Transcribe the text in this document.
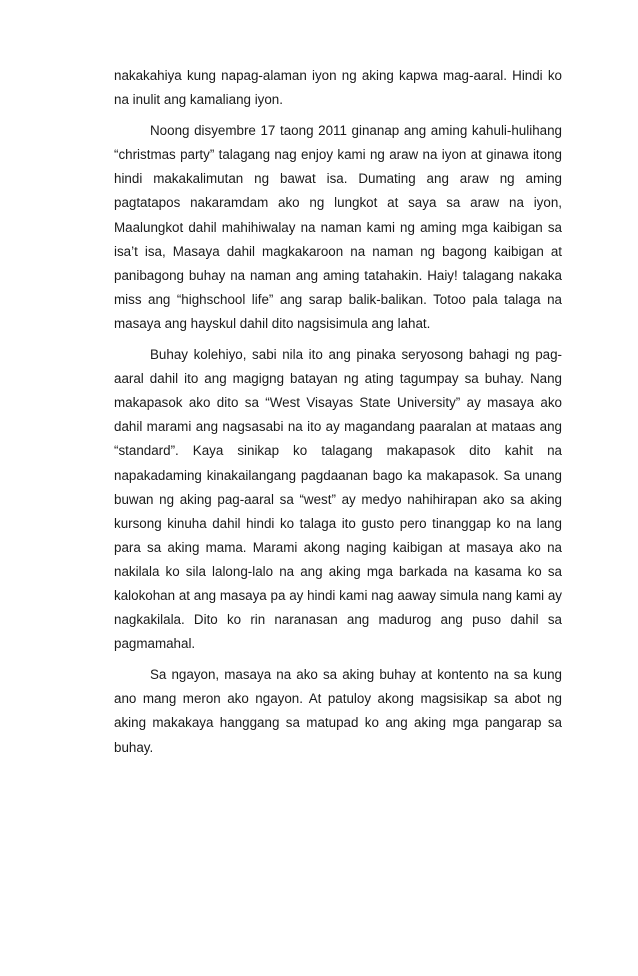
nakakahiya kung napag-alaman iyon ng aking kapwa mag-aaral. Hindi ko na inulit ang kamaliang iyon.

Noong disyembre 17 taong 2011 ginanap ang aming kahuli-hulihang “christmas party” talagang nag enjoy kami ng araw na iyon at ginawa itong hindi makakalimutan ng bawat isa. Dumating ang araw ng aming pagtatapos nakaramdam ako ng lungkot at saya sa araw na iyon, Maalungkot dahil mahihiwalay na naman kami ng aming mga kaibigan sa isa’t isa, Masaya dahil magkakaroon na naman ng bagong kaibigan at panibagong buhay na naman ang aming tatahakin. Haiy! talagang nakaka miss ang “highschool life” ang sarap balik-balikan. Totoo pala talaga na masaya ang hayskul dahil dito nagsisimula ang lahat.

Buhay kolehiyo, sabi nila ito ang pinaka seryosong bahagi ng pag-aaral dahil ito ang magigng batayan ng ating tagumpay sa buhay. Nang makapasok ako dito sa “West Visayas State University” ay masaya ako dahil marami ang nagsasabi na ito ay magandang paaralan at mataas ang “standard”. Kaya sinikap ko talagang makapasok dito kahit na napakadaming kinakailangang pagdaanan bago ka makapasok. Sa unang buwan ng aking pag-aaral sa “west” ay medyo nahihirapan ako sa aking kursong kinuha dahil hindi ko talaga ito gusto pero tinanggap ko na lang para sa aking mama. Marami akong naging kaibigan at masaya ako na nakilala ko sila lalong-lalo na ang aking mga barkada na kasama ko sa kalokohan at ang masaya pa ay hindi kami nag aaway simula nang kami ay nagkakilala. Dito ko rin naranasan ang madurog ang puso dahil sa pagmamahal.

Sa ngayon, masaya na ako sa aking buhay at kontento na sa kung ano mang meron ako ngayon. At patuloy akong magsisikap sa abot ng aking makakaya hanggang sa matupad ko ang aking mga pangarap sa buhay.
